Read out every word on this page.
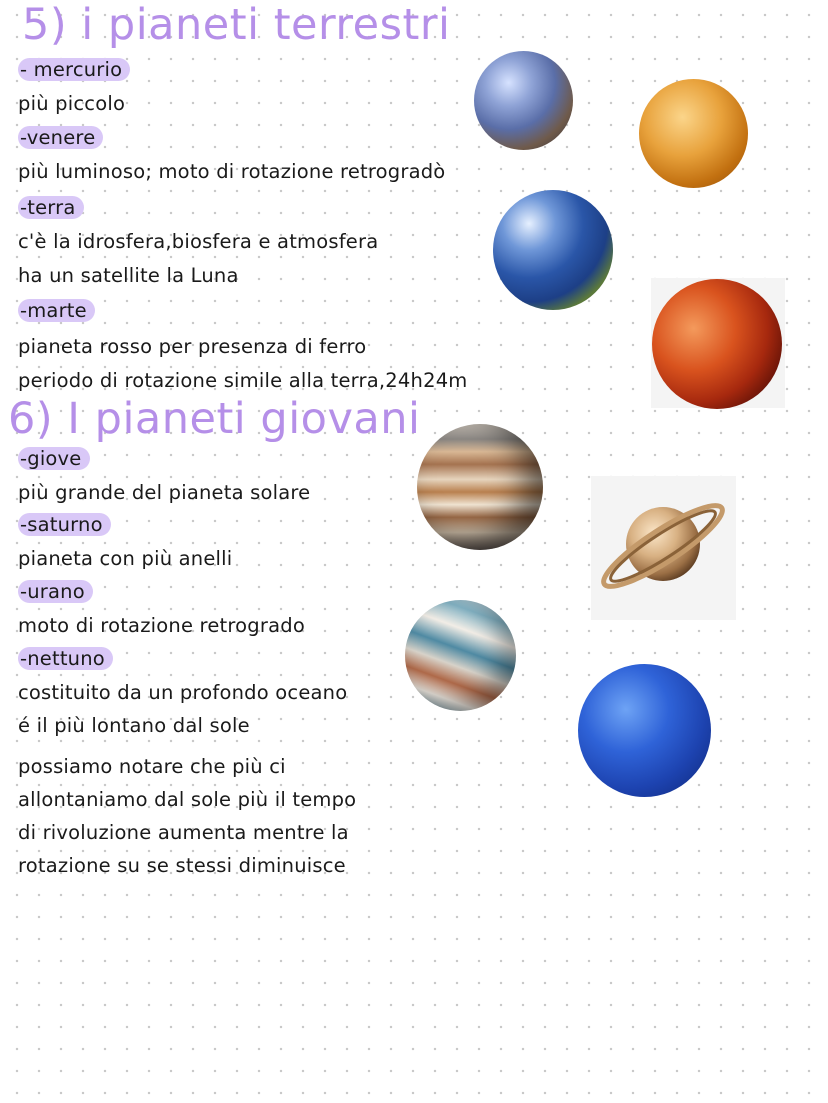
5) i pianeti terrestri
- mercurio
più piccolo
-venere
più luminoso; moto di rotazione retrogradò
-terra
c'è la idrosfera,biosfera e atmosfera
ha un satellite la Luna
-marte
pianeta rosso per presenza di ferro
periodo di rotazione simile alla terra,24h24m
6) I pianeti giovani
-giove
più grande del pianeta solare
-saturno
pianeta con più anelli
-urano
moto di rotazione retrogrado
-nettuno
costituito da un profondo oceano
é il più lontano dal sole
possiamo notare che più ci
allontaniamo dal sole più il tempo
di rivoluzione aumenta mentre la
rotazione su se stessi diminuisce
